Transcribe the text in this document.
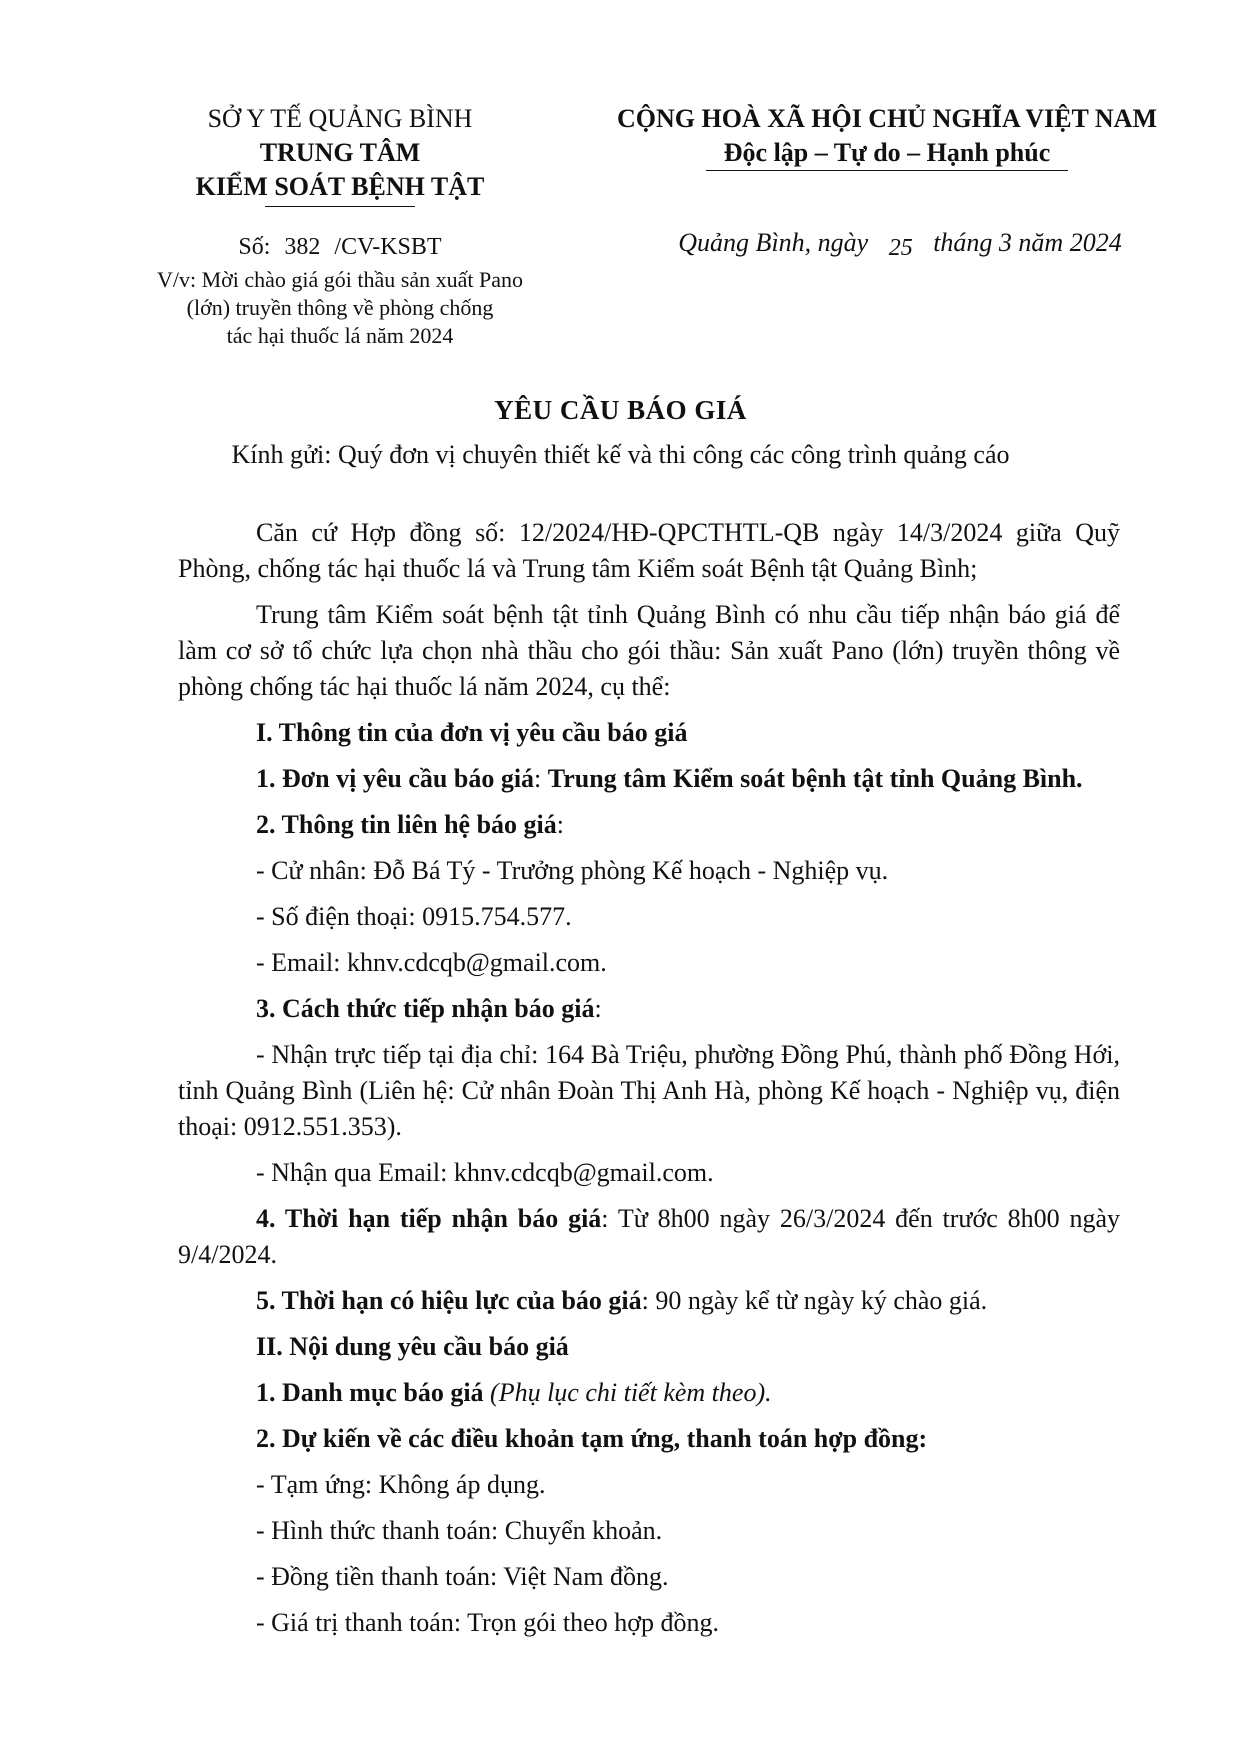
SỞ Y TẾ QUẢNG BÌNH
TRUNG TÂM
KIỂM SOÁT BỆNH TẬT
CỘNG HOÀ XÃ HỘI CHỦ NGHĨA VIỆT NAM
Độc lập – Tự do – Hạnh phúc
Số: 382 /CV-KSBT
V/v: Mời chào giá gói thầu sản xuất Pano
(lớn) truyền thông về phòng chống
tác hại thuốc lá năm 2024
Quảng Bình, ngày 25 tháng 3 năm 2024
YÊU CẦU BÁO GIÁ
Kính gửi: Quý đơn vị chuyên thiết kế và thi công các công trình quảng cáo

Căn cứ Hợp đồng số: 12/2024/HĐ-QPCTHTL-QB ngày 14/3/2024 giữa Quỹ Phòng, chống tác hại thuốc lá và Trung tâm Kiểm soát Bệnh tật Quảng Bình;

Trung tâm Kiểm soát bệnh tật tỉnh Quảng Bình có nhu cầu tiếp nhận báo giá để làm cơ sở tổ chức lựa chọn nhà thầu cho gói thầu: Sản xuất Pano (lớn) truyền thông về phòng chống tác hại thuốc lá năm 2024, cụ thể:

I. Thông tin của đơn vị yêu cầu báo giá

1. Đơn vị yêu cầu báo giá: Trung tâm Kiểm soát bệnh tật tỉnh Quảng Bình.

2. Thông tin liên hệ báo giá:

- Cử nhân: Đỗ Bá Tý - Trưởng phòng Kế hoạch - Nghiệp vụ.

- Số điện thoại: 0915.754.577.

- Email: khnv.cdcqb@gmail.com.

3. Cách thức tiếp nhận báo giá:

- Nhận trực tiếp tại địa chỉ: 164 Bà Triệu, phường Đồng Phú, thành phố Đồng Hới, tỉnh Quảng Bình (Liên hệ: Cử nhân Đoàn Thị Anh Hà, phòng Kế hoạch - Nghiệp vụ, điện thoại: 0912.551.353).

- Nhận qua Email: khnv.cdcqb@gmail.com.

4. Thời hạn tiếp nhận báo giá: Từ 8h00 ngày 26/3/2024 đến trước 8h00 ngày 9/4/2024.

5. Thời hạn có hiệu lực của báo giá: 90 ngày kể từ ngày ký chào giá.

II. Nội dung yêu cầu báo giá

1. Danh mục báo giá (Phụ lục chi tiết kèm theo).

2. Dự kiến về các điều khoản tạm ứng, thanh toán hợp đồng:

- Tạm ứng: Không áp dụng.

- Hình thức thanh toán: Chuyển khoản.

- Đồng tiền thanh toán: Việt Nam đồng.

- Giá trị thanh toán: Trọn gói theo hợp đồng.
